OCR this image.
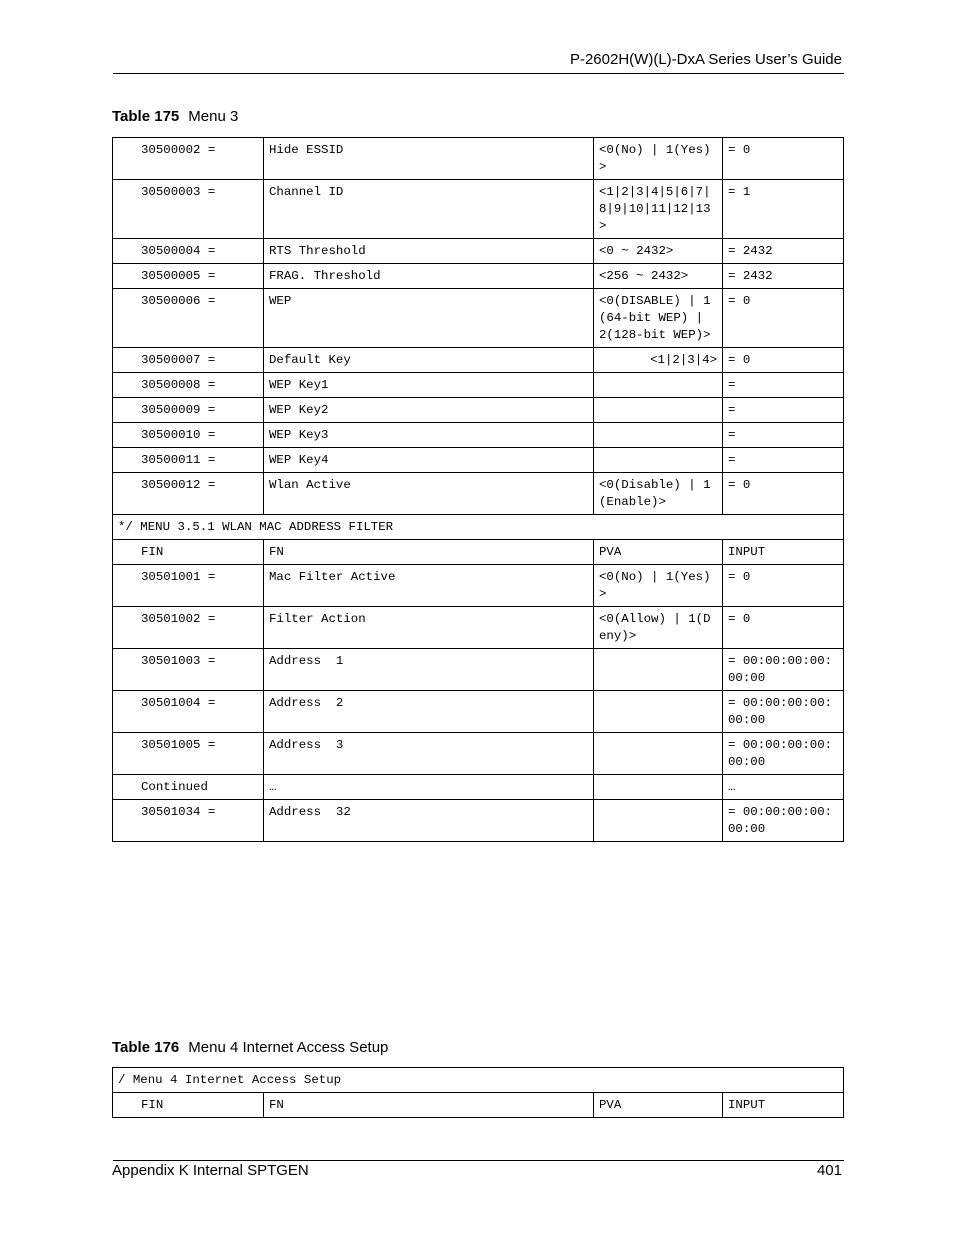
P-2602H(W)(L)-DxA Series User’s Guide
Table 175 Menu 3
30500002 =	Hide ESSID	<0(No) | 1(Yes)>	= 0
30500003 =	Channel ID	<1|2|3|4|5|6|7|8|9|10|11|12|13>	= 1
30500004 =	RTS Threshold	<0 ~ 2432>	= 2432
30500005 =	FRAG. Threshold	<256 ~ 2432>	= 2432
30500006 =	WEP	<0(DISABLE) | 1(64-bit WEP) | 2(128-bit WEP)>	= 0
30500007 =	Default Key	<1|2|3|4>	= 0
30500008 =	WEP Key1		=
30500009 =	WEP Key2		=
30500010 =	WEP Key3		=
30500011 =	WEP Key4		=
30500012 =	Wlan Active	<0(Disable) | 1(Enable)>	= 0
*/ MENU 3.5.1 WLAN MAC ADDRESS FILTER			
FIN	FN	PVA	INPUT
30501001 =	Mac Filter Active	<0(No) | 1(Yes)>	= 0
30501002 =	Filter Action	<0(Allow) | 1(Deny)>	= 0
30501003 =	Address  1		= 00:00:00:00:00:00
30501004 =	Address  2		= 00:00:00:00:00:00
30501005 =	Address  3		= 00:00:00:00:00:00
Continued	…		…
30501034 =	Address  32		= 00:00:00:00:00:00
Table 176 Menu 4 Internet Access Setup
/ Menu 4 Internet Access Setup
FIN	FN	PVA	INPUT
Appendix K Internal SPTGEN	401
